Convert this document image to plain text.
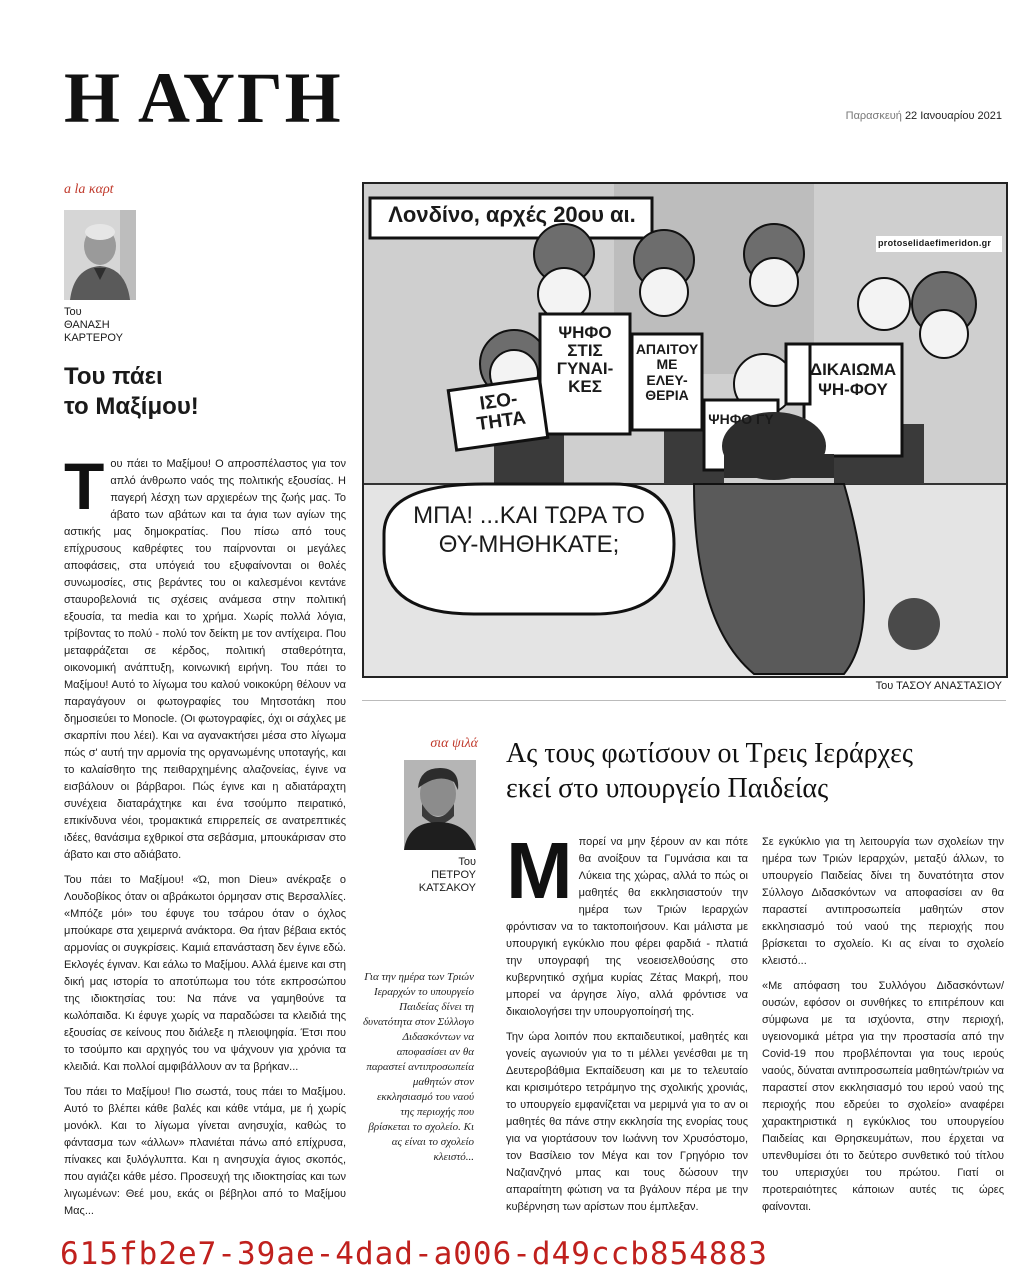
Η ΑΥΓΗ	Παρασκευή 22 Ιανουαρίου 2021
a la καρt
Του
ΘΑΝΑΣΗ
ΚΑΡΤΕΡΟΥ
Του πάει
το Μαξίμου!
Τ ου πάει το Μαξίμου! Ο απροσπέλαστος για τον απλό άνθρωπο ναός της πολιτικής εξουσίας. Η παγερή λέσχη των αρχιερέων της ζωής μας. Το άβατο των αβάτων και τα άγια των αγίων της αστικής μας δημοκρατίας. Που πίσω από τους επίχρυσους καθρέφτες του παίρνονται οι μεγάλες αποφάσεις, στα υπόγειά του εξυφαίνονται οι θολές συνωμοσίες, στις βεράντες του οι καλεσμένοι κεντάνε σταυροβελονιά τις σχέσεις ανάμεσα στην πολιτική εξουσία, τα media και το χρήμα. Χωρίς πολλά λόγια, τρίβοντας το πολύ - πολύ τον δείκτη με τον αντίχειρα. Που μεταφράζεται σε κέρδος, πολιτική σταθερότητα, οικονομική ανάπτυξη, κοινωνική ειρήνη. Του πάει το Μαξίμου! Αυτό το λίγωμα του καλού νοικοκύρη θέλουν να παραγάγουν οι φωτογραφίες του Μητσοτάκη που δημοσιεύει το Monocle. (Οι φωτογραφίες, όχι οι σάχλες με σκαρπίνι που λέει). Και να αγανακτήσει μέσα στο λίγωμα πώς σ' αυτή την αρμονία της οργανωμένης υποταγής, και το καλαίσθητο της πειθαρχημένης αλαζονείας, έγινε να εισβάλουν οι βάρβαροι. Πώς έγινε και η αδιατάραχτη συνέχεια διαταράχτηκε και ένα τσούμπο πειρατικό, επικίνδυνα νέοι, τρομακτικά επιρρεπείς σε ανατρεπτικές ιδέες, θανάσιμα εχθρικοί στα σεβάσμια, μπουκάρισαν στο άβατο και στο αδιάβατο.

Του πάει το Μαξίμου! «Ώ, mon Dieu» ανέκραξε ο Λουδοβίκος όταν οι αβράκωτοι όρμησαν στις Βερσαλλίες. «Μπόζε μόι» του έφυγε του τσάρου όταν ο όχλος μπούκαρε στα χειμερινά ανάκτορα. Θα ήταν βέβαια εκτός αρμονίας οι συγκρίσεις. Καμιά επανάσταση δεν έγινε εδώ. Εκλογές έγιναν. Και εάλω το Μαξίμου. Αλλά έμεινε και στη δική μας ιστορία το αποτύπωμα του τότε εκπροσώπου της ιδιοκτησίας του: Να πάνε να γαμηθούνε τα κωλόπαιδα. Κι έφυγε χωρίς να παραδώσει τα κλειδιά της εξουσίας σε κείνους που διάλεξε η πλειοψηφία. Έτσι που το τσούμπο και αρχηγός του να ψάχνουν για χρόνια τα κλειδιά. Και πολλοί αμφιβάλλουν αν τα βρήκαν...

Του πάει το Μαξίμου! Πιο σωστά, τους πάει το Μαξίμου. Αυτό το βλέπει κάθε βαλές και κάθε ντάμα, με ή χωρίς μονόκλ. Και το λίγωμα γίνεται ανησυχία, καθώς το φάντασμα των «άλλων» πλανιέται πάνω από επίχρυσα, πίνακες και ξυλόγλυπτα. Και η ανησυχία άγιος σκοπός, που αγιάζει κάθε μέσο. Προσευχή της ιδιοκτησίας και των λιγωμένων: Θεέ μου, εκάς οι βέβηλοι από το Μαξίμου Μας...

Λονδίνο, αρχές 20ου αι.
protoselidaefimeridon.gr
ΨΗΦΟ ΣΤΙΣ ΓΥΝΑΙ-ΚΕΣ
ΙΣΟ-ΤΗΤΑ
ΑΠΑΙΤΟΥΜΕ ΕΛΕΥ-ΘΕΡΙΑ
ΨΗΦΟ ΓΥ
ΔΙΚΑΙΩΜΑ ΨΗ-ΦΟΥ
ΜΠΑ! ...ΚΑΙ ΤΩΡΑ ΤΟ ΘΥ-ΜΗΘΗΚΑΤΕ;
Του ΤΑΣΟΥ ΑΝΑΣΤΑΣΙΟΥ
σια ψιλά
Του
ΠΕΤΡΟΥ
ΚΑΤΣΑΚΟΥ
Ας τους φωτίσουν οι Τρεις Ιεράρχες
εκεί στο υπουργείο Παιδείας
Για την ημέρα των Τριών Ιεραρχών το υπουργείο Παιδείας δίνει τη δυνατότητα στον Σύλλογο Διδασκόντων να αποφασίσει αν θα παραστεί αντιπροσωπεία μαθητών στον εκκλησιασμό του ναού της περιοχής που βρίσκεται το σχολείο. Κι ας είναι το σχολείο κλειστό...
Μ πορεί να μην ξέρουν αν και πότε θα ανοίξουν τα Γυμνάσια και τα Λύκεια της χώρας, αλλά το πώς οι μαθητές θα εκκλησιαστούν την ημέρα των Τριών Ιεραρχών φρόντισαν να το τακτοποιήσουν. Και μάλιστα με υπουργική εγκύκλιο που φέρει φαρδιά - πλατιά την υπογραφή της νεοεισελθούσης στο κυβερνητικό σχήμα κυρίας Ζέτας Μακρή, που μπορεί να άργησε λίγο, αλλά φρόντισε να δικαιολογήσει την υπουργοποίησή της.

Την ώρα λοιπόν που εκπαιδευτικοί, μαθητές και γονείς αγωνιούν για το τι μέλλει γενέσθαι με τη Δευτεροβάθμια Εκπαίδευση και με το τελευταίο και κρισιμότερο τετράμηνο της σχολικής χρονιάς, το υπουργείο εμφανίζεται να μεριμνά για το αν οι μαθητές θα πάνε στην εκκλησία της ενορίας τους για να γιορτάσουν τον Ιωάννη τον Χρυσόστομο, τον Βασίλειο τον Μέγα και τον Γρηγόριο τον Ναζιανζηνό μπας και τους δώσουν την απαραίτητη φώτιση να τα βγάλουν πέρα με την κυβέρνηση των αρίστων που έμπλεξαν.

Σε εγκύκλιο για τη λειτουργία των σχολείων την ημέρα των Τριών Ιεραρχών, μεταξύ άλλων, το υπουργείο Παιδείας δίνει τη δυνατότητα στον Σύλλογο Διδασκόντων να αποφασίσει αν θα παραστεί αντιπροσωπεία μαθητών στον εκκλησιασμό τού ναού της περιοχής που βρίσκεται το σχολείο. Κι ας είναι το σχολείο κλειστό...

«Με απόφαση του Συλλόγου Διδασκόντων/ουσών, εφόσον οι συνθήκες το επιτρέπουν και σύμφωνα με τα ισχύοντα, στην περιοχή, υγειονομικά μέτρα για την προστασία από την Covid-19 που προβλέπονται για τους ιερούς ναούς, δύναται αντιπροσωπεία μαθητών/τριών να παραστεί στον εκκλησιασμό του ιερού ναού της περιοχής που εδρεύει το σχολείο» αναφέρει χαρακτηριστικά η εγκύκλιος του υπουργείου Παιδείας και Θρησκευμάτων, που έρχεται να υπενθυμίσει ότι το δεύτερο συνθετικό τού τίτλου του υπερισχύει του πρώτου. Γιατί οι προτεραιότητες κάποιων αυτές τις ώρες φαίνονται.

615fb2e7-39ae-4dad-a006-d49ccb854883
